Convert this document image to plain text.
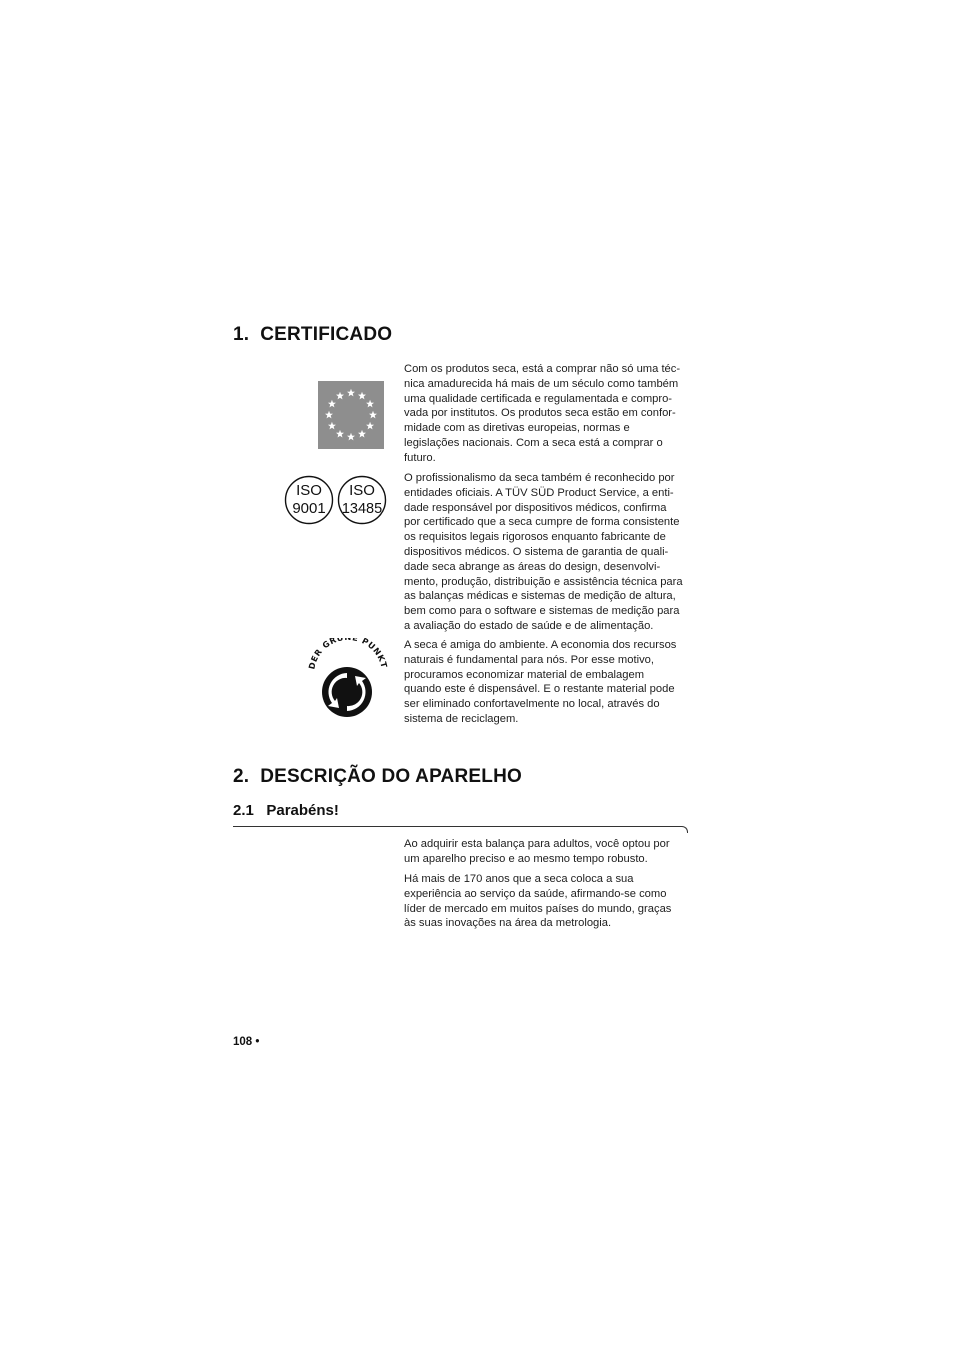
1.  CERTIFICADO
Com os produtos seca, está a comprar não só uma téc-
nica amadurecida há mais de um século como também
uma qualidade certificada e regulamentada e compro-
vada por institutos. Os produtos seca estão em confor-
midade com as diretivas europeias, normas e
legislações nacionais. Com a seca está a comprar o
futuro.
ISO
9001
ISO
13485
O profissionalismo da seca também é reconhecido por
entidades oficiais. A TÜV SÜD Product Service, a enti-
dade responsável por dispositivos médicos, confirma
por certificado que a seca cumpre de forma consistente
os requisitos legais rigorosos enquanto fabricante de
dispositivos médicos. O sistema de garantia de quali-
dade seca abrange as áreas do design, desenvolvi-
mento, produção, distribuição e assistência técnica para
as balanças médicas e sistemas de medição de altura,
bem como para o software e sistemas de medição para
a avaliação do estado de saúde e de alimentação.
DER GR PUNK
A seca é amiga do ambiente. A economia dos recursos
naturais é fundamental para nós. Por esse motivo,
procuramos economizar material de embalagem
quando este é dispensável. E o restante material pode
ser eliminado confortavelmente no local, através do
sistema de reciclagem.
2.  DESCRIÇÃO DO APARELHO
2.1   Parabéns!
Ao adquirir esta balança para adultos, você optou por
um aparelho preciso e ao mesmo tempo robusto.
Há mais de 170 anos que a seca coloca a sua
experiência ao serviço da saúde, afirmando-se como
líder de mercado em muitos países do mundo, graças
às suas inovações na área da metrologia.
108 •
